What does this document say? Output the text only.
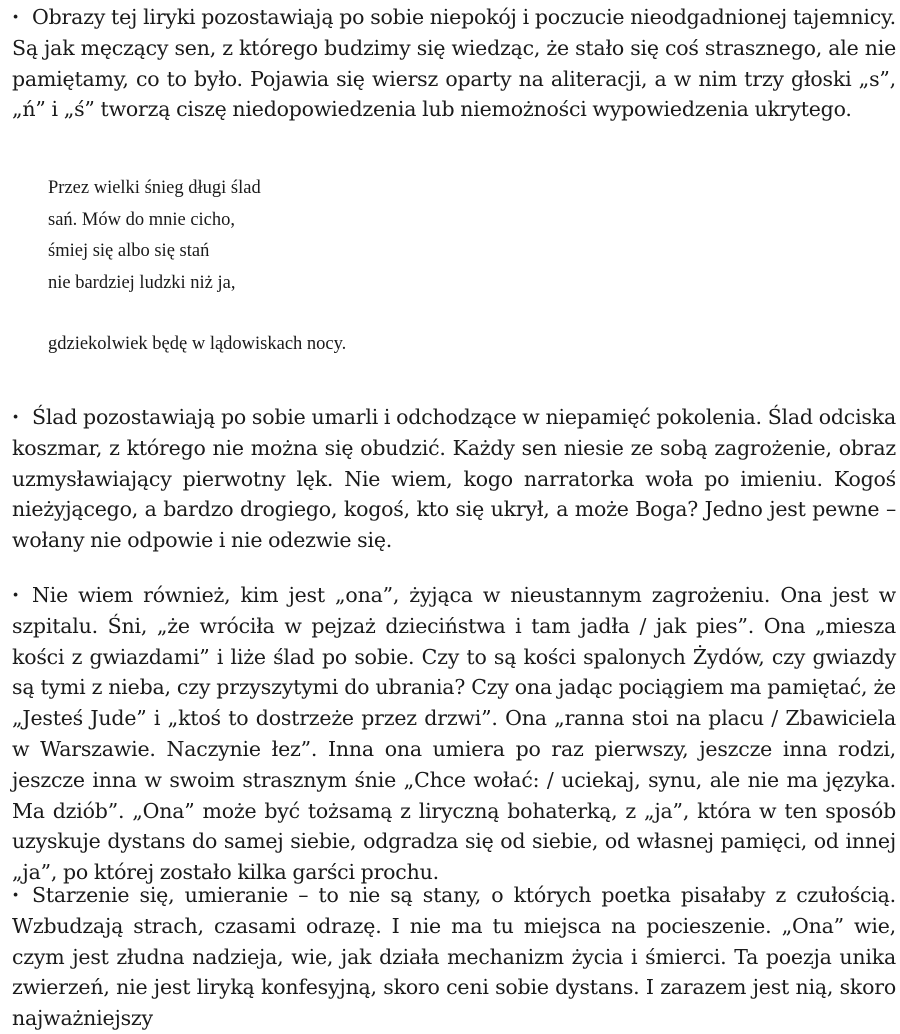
· Obrazy tej liryki pozostawiają po sobie niepokój i poczucie nieodgadnionej tajemnicy. Są jak męczący sen, z którego budzimy się wiedząc, że stało się coś strasznego, ale nie pamiętamy, co to było. Pojawia się wiersz oparty na aliteracji, a w nim trzy głoski „s”, „ń” i „ś” tworzą ciszę niedopowiedzenia lub niemożności wypowiedzenia ukrytego.
Przez wielki śnieg długi ślad
sań. Mów do mnie cicho,
śmiej się albo się stań
nie bardziej ludzki niż ja,
gdziekolwiek będę w lądowiskach nocy.
· Ślad pozostawiają po sobie umarli i odchodzące w niepamięć pokolenia. Ślad odciska koszmar, z którego nie można się obudzić. Każdy sen niesie ze sobą zagrożenie, obraz uzmysławiający pierwotny lęk. Nie wiem, kogo narratorka woła po imieniu. Kogoś nieżyjącego, a bardzo drogiego, kogoś, kto się ukrył, a może Boga? Jedno jest pewne – wołany nie odpowie i nie odezwie się.
· Nie wiem również, kim jest „ona”, żyjąca w nieustannym zagrożeniu. Ona jest w szpitalu. Śni, „że wróciła w pejzaż dzieciństwa i tam jadła / jak pies”. Ona „miesza kości z gwiazdami” i liże ślad po sobie. Czy to są kości spalonych Żydów, czy gwiazdy są tymi z nieba, czy przyszytymi do ubrania? Czy ona jadąc pociągiem ma pamiętać, że „Jesteś Jude” i „ktoś to dostrzeże przez drzwi”. Ona „ranna stoi na placu / Zbawiciela w Warszawie. Naczynie łez”. Inna ona umiera po raz pierwszy, jeszcze inna rodzi, jeszcze inna w swoim strasznym śnie „Chce wołać: / uciekaj, synu, ale nie ma języka. Ma dziób”. „Ona” może być tożsamą z liryczną bohaterką, z „ja”, która w ten sposób uzyskuje dystans do samej siebie, odgradza się od siebie, od własnej pamięci, od innej „ja”, po której zostało kilka garści prochu.
· Starzenie się, umieranie – to nie są stany, o których poetka pisałaby z czułością. Wzbudzają strach, czasami odrazę. I nie ma tu miejsca na pocieszenie. „Ona” wie, czym jest złudna nadzieja, wie, jak działa mechanizm życia i śmierci. Ta poezja unika zwierzeń, nie jest liryką konfesyjną, skoro ceni sobie dystans. I zarazem jest nią, skoro najważniejszy
